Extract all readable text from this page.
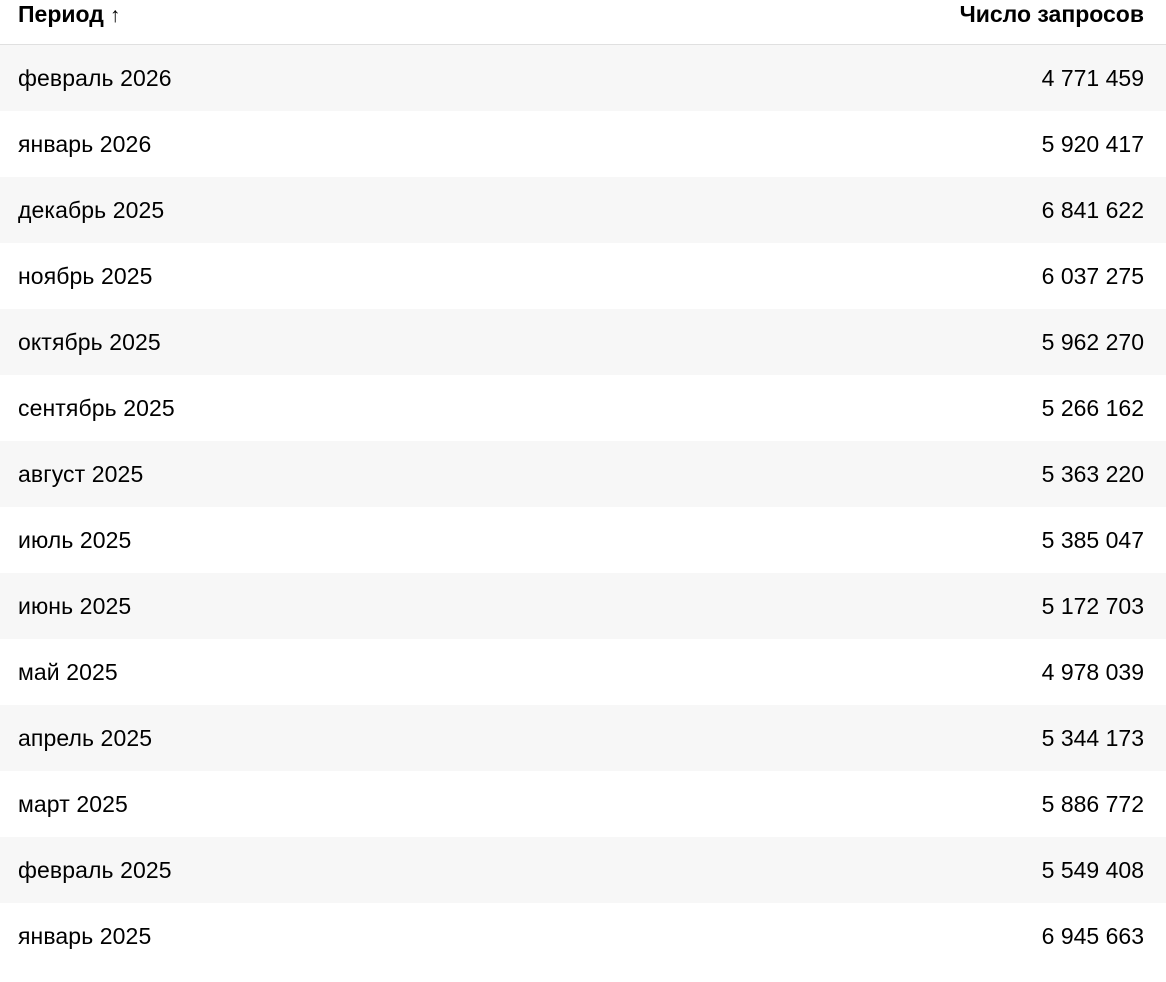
Период ↑	Число запросов
февраль 2026	4 771 459
январь 2026	5 920 417
декабрь 2025	6 841 622
ноябрь 2025	6 037 275
октябрь 2025	5 962 270
сентябрь 2025	5 266 162
август 2025	5 363 220
июль 2025	5 385 047
июнь 2025	5 172 703
май 2025	4 978 039
апрель 2025	5 344 173
март 2025	5 886 772
февраль 2025	5 549 408
январь 2025	6 945 663
